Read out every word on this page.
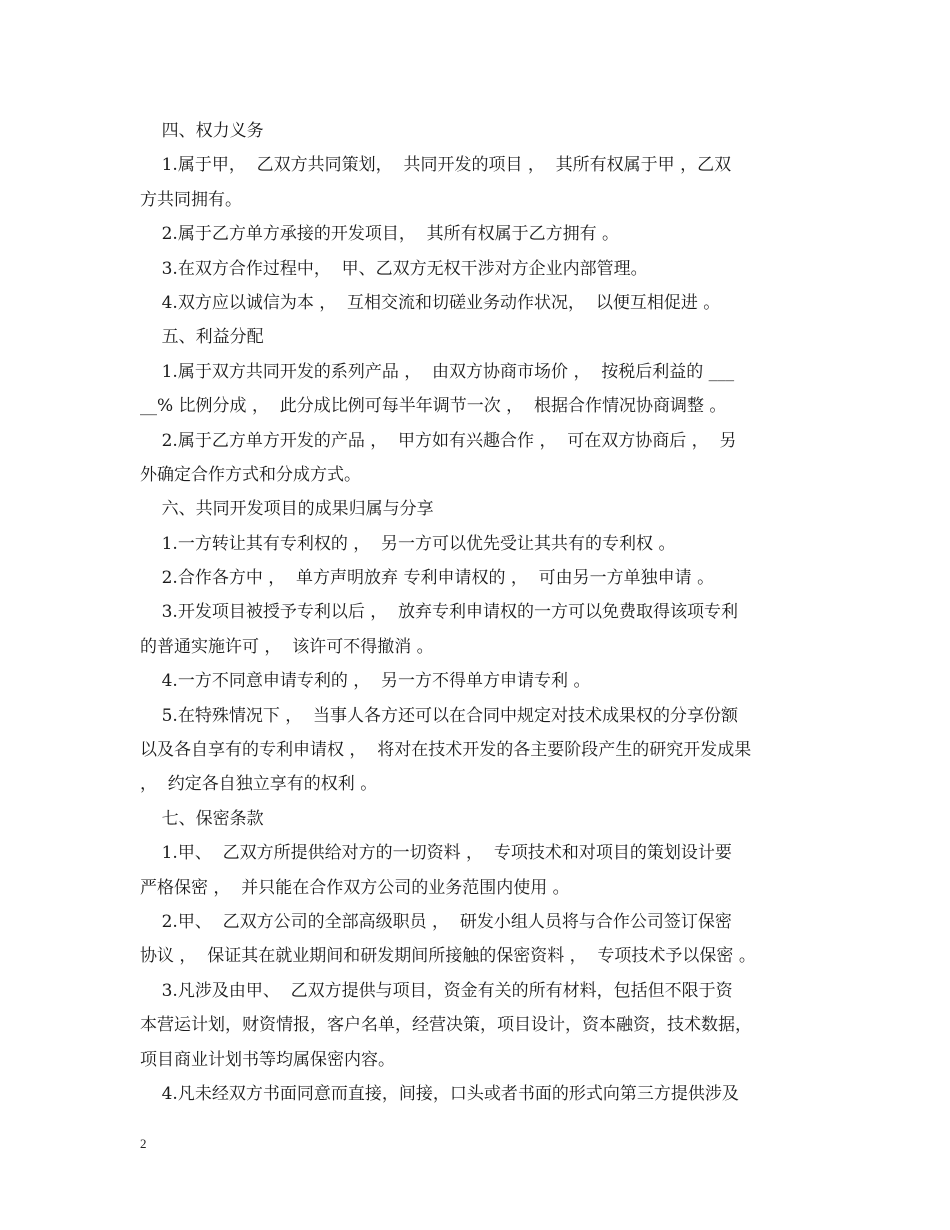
四、权力义务
1.属于甲，  乙双方共同策划，  共同开发的项目 ，  其所有权属于甲 ，乙双
方共同拥有。
2.属于乙方单方承接的开发项目，  其所有权属于乙方拥有 。
3.在双方合作过程中，  甲、乙双方无权干涉对方企业内部管理。
4.双方应以诚信为本 ，  互相交流和切磋业务动作状况，  以便互相促进 。
五、利益分配
1.属于双方共同开发的系列产品 ，  由双方协商市场价 ，  按税后利益的 ___
__% 比例分成 ，  此分成比例可每半年调节一次 ，  根据合作情况协商调整 。
2.属于乙方单方开发的产品 ，  甲方如有兴趣合作 ，  可在双方协商后 ，  另
外确定合作方式和分成方式。
六、共同开发项目的成果归属与分享
1.一方转让其有专利权的 ，  另一方可以优先受让其共有的专利权 。
2.合作各方中 ，  单方声明放弃 专利申请权的 ，  可由另一方单独申请 。
3.开发项目被授予专利以后 ，  放弃专利申请权的一方可以免费取得该项专利
的普通实施许可 ，  该许可不得撤消 。
4.一方不同意申请专利的 ，  另一方不得单方申请专利 。
5.在特殊情况下 ，  当事人各方还可以在合同中规定对技术成果权的分享份额
以及各自享有的专利申请权 ，  将对在技术开发的各主要阶段产生的研究开发成果
，  约定各自独立享有的权利 。
七、保密条款
1.甲、  乙双方所提供给对方的一切资料 ，  专项技术和对项目的策划设计要
严格保密 ，  并只能在合作双方公司的业务范围内使用 。
2.甲、  乙双方公司的全部高级职员 ，  研发小组人员将与合作公司签订保密
协议 ，  保证其在就业期间和研发期间所接触的保密资料 ，  专项技术予以保密 。
3.凡涉及由甲、  乙双方提供与项目，资金有关的所有材料，包括但不限于资
本营运计划，财资情报，客户名单，经营决策，项目设计，资本融资，技术数据，
项目商业计划书等均属保密内容。
4.凡未经双方书面同意而直接，间接，口头或者书面的形式向第三方提供涉及
2
